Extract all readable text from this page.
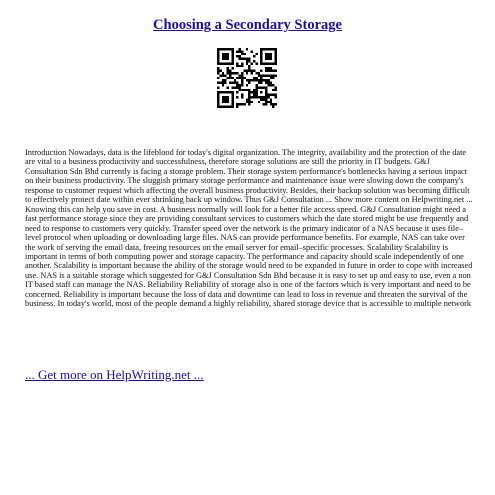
Choosing a Secondary Storage

Introduction Nowadays, data is the lifeblood for today's digital organization. The integrity, availability and the protection of the date are vital to a business productivity and successfulness, therefore storage solutions are still the priority in IT budgets. G&J Consultation Sdn Bhd currently is facing a storage problem. Their storage system performance's bottlenecks having a serious impact on their business productivity. The sluggish primary storage performance and maintenance issue were slowing down the company's response to customer request which affecting the overall business productivity. Besides, their backup solution was becoming difficult to effectively protect date within ever shrinking back up window. Thus G&J Consultation ... Show more content on Helpwriting.net ...

Knowing this can help you save in cost. A business normally will look for a better file access speed. G&J Consultation might need a fast performance storage since they are providing consultant services to customers which the date stored might be use frequently and need to response to customers very quickly. Transfer speed over the network is the primary indicator of a NAS because it uses file–level protocol when uploading or downloading large files. NAS can provide performance benefits. For example, NAS can take over the work of serving the email data, freeing resources on the email server for email–specific processes. Scalability Scalability is important in terms of both computing power and storage capacity. The performance and capacity should scale independently of one another. Scalability is important because the ability of the storage would need to be expanded in future in order to cope with increased use. NAS is a suitable storage which suggested for G&J Consultation Sdn Bhd because it is easy to set up and easy to use, even a non IT based staff can manage the NAS. Reliability Reliability of storage also is one of the factors which is very important and need to be concerned. Reliability is important because the loss of data and downtime can lead to loss in revenue and threaten the survival of the business. In today's world, most of the people demand a highly reliability, shared storage device that is accessible to multiple network

... Get more on HelpWriting.net ...
